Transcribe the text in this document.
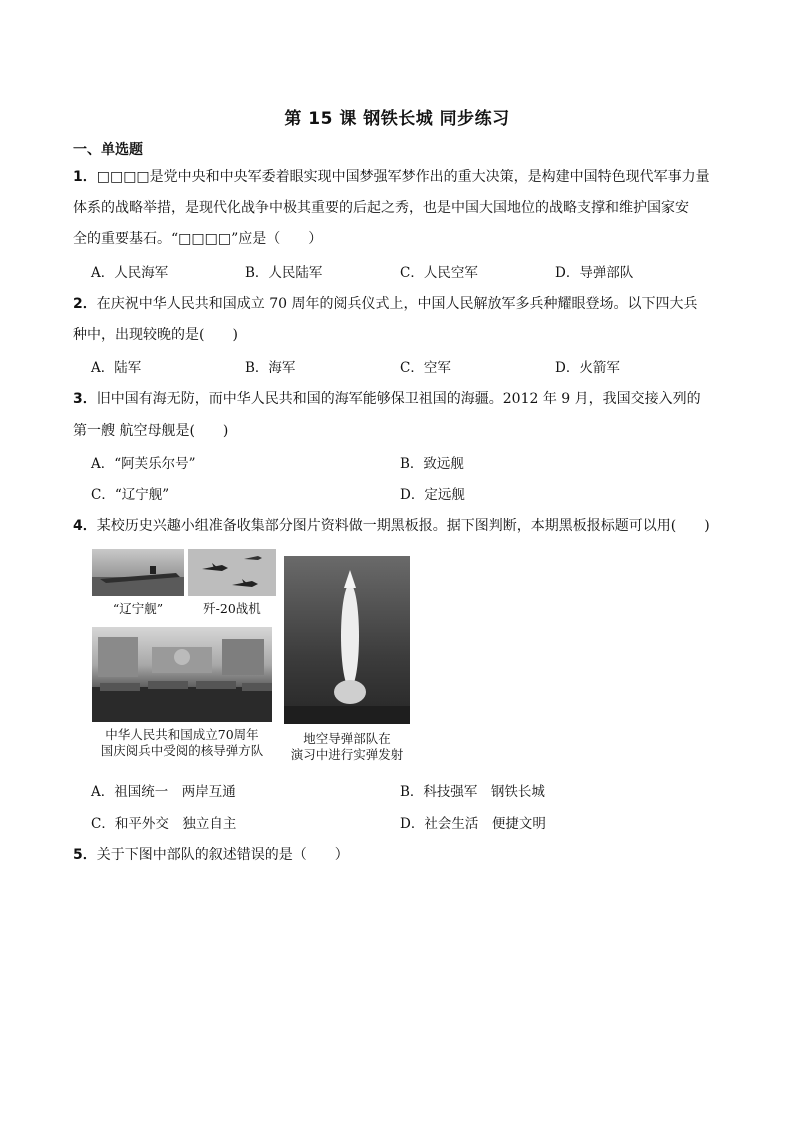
第 15 课 钢铁长城 同步练习
一、单选题
1．□□□□是党中央和中央军委着眼实现中国梦强军梦作出的重大决策，是构建中国特色现代军事力量
体系的战略举措，是现代化战争中极其重要的后起之秀，也是中国大国地位的战略支撑和维护国家安
全的重要基石。“□□□□”应是（　　）
A．人民海军	B．人民陆军	C．人民空军	D．导弹部队
2．在庆祝中华人民共和国成立 70 周年的阅兵仪式上，中国人民解放军多兵种耀眼登场。以下四大兵
种中，出现较晚的是(　　)
A．陆军	B．海军	C．空军	D．火箭军
3．旧中国有海无防，而中华人民共和国的海军能够保卫祖国的海疆。2012 年 9 月，我国交接入列的
第一艘 航空母舰是(　　)
A．“阿芙乐尔号”	B．致远舰
C．“辽宁舰”	D．定远舰
4．某校历史兴趣小组准备收集部分图片资料做一期黑板报。据下图判断，本期黑板报标题可以用(　　)
“辽宁舰”	歼-20战机
中华人民共和国成立70周年
国庆阅兵中受阅的核导弹方队
地空导弹部队在
演习中进行实弹发射
A．祖国统一　两岸互通	B．科技强军　钢铁长城
C．和平外交　独立自主	D．社会生活　便捷文明
5．关于下图中部队的叙述错误的是（　　）
